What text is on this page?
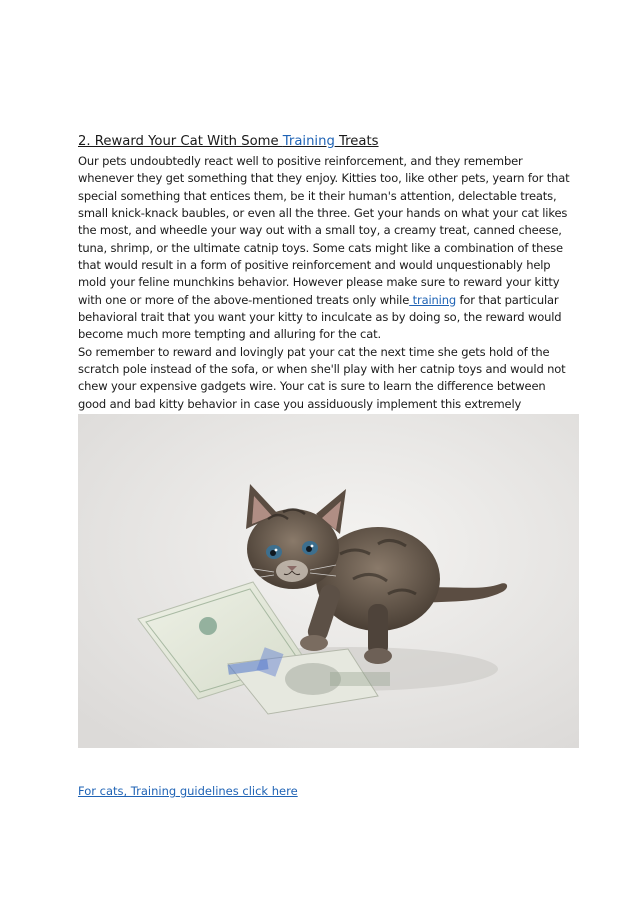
2. Reward Your Cat With Some Training Treats

Our pets undoubtedly react well to positive reinforcement, and they remember whenever they get something that they enjoy. Kitties too, like other pets, yearn for that special something that entices them, be it their human's attention, delectable treats, small knick-knack baubles, or even all the three. Get your hands on what your cat likes the most, and wheedle your way out with a small toy, a creamy treat, canned cheese, tuna, shrimp, or the ultimate catnip toys. Some cats might like a combination of these that would result in a form of positive reinforcement and would unquestionably help mold your feline munchkins behavior. However please make sure to reward your kitty with one or more of the above-mentioned treats only while training for that particular behavioral trait that you want your kitty to inculcate as by doing so, the reward would become much more tempting and alluring for the cat.

So remember to reward and lovingly pat your cat the next time she gets hold of the scratch pole instead of the sofa, or when she'll play with her catnip toys and would not chew your expensive gadgets wire. Your cat is sure to learn the difference between good and bad kitty behavior in case you assiduously implement this extremely

For cats, Training guidelines click here
